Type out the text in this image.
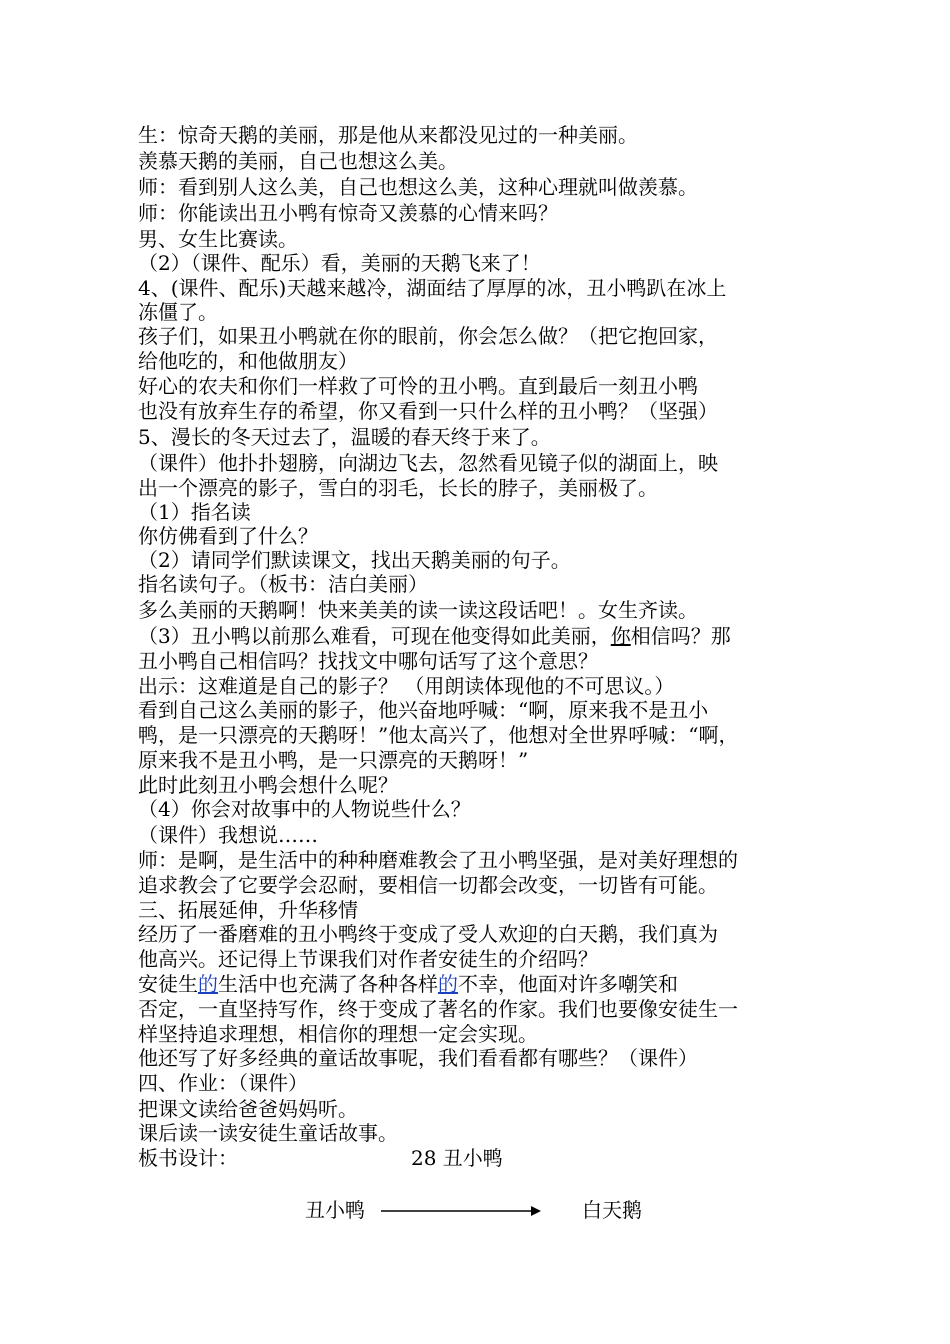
生：惊奇天鹅的美丽，那是他从来都没见过的一种美丽。
羡慕天鹅的美丽，自己也想这么美。
师：看到别人这么美，自己也想这么美，这种心理就叫做羡慕。
师：你能读出丑小鸭有惊奇又羡慕的心情来吗？
男、女生比赛读。
（2）（课件、配乐）看，美丽的天鹅飞来了！
4、(课件、配乐)天越来越冷，湖面结了厚厚的冰，丑小鸭趴在冰上
冻僵了。
孩子们，如果丑小鸭就在你的眼前，你会怎么做？（把它抱回家，
给他吃的，和他做朋友）
好心的农夫和你们一样救了可怜的丑小鸭。直到最后一刻丑小鸭
也没有放弃生存的希望，你又看到一只什么样的丑小鸭？（坚强）
5、漫长的冬天过去了，温暖的春天终于来了。
（课件）他扑扑翅膀，向湖边飞去，忽然看见镜子似的湖面上，映
出一个漂亮的影子，雪白的羽毛，长长的脖子，美丽极了。
（1）指名读
你仿佛看到了什么？
（2）请同学们默读课文，找出天鹅美丽的句子。
指名读句子。（板书：洁白美丽）
多么美丽的天鹅啊！快来美美的读一读这段话吧！。女生齐读。
（3）丑小鸭以前那么难看，可现在他变得如此美丽，你相信吗？那
丑小鸭自己相信吗？找找文中哪句话写了这个意思？
出示：这难道是自己的影子？ （用朗读体现他的不可思议。）
看到自己这么美丽的影子，他兴奋地呼喊：“啊，原来我不是丑小
鸭，是一只漂亮的天鹅呀！”他太高兴了，他想对全世界呼喊：“啊，
原来我不是丑小鸭，是一只漂亮的天鹅呀！”
此时此刻丑小鸭会想什么呢？
（4）你会对故事中的人物说些什么？
（课件）我想说……
师：是啊，是生活中的种种磨难教会了丑小鸭坚强，是对美好理想的
追求教会了它要学会忍耐，要相信一切都会改变，一切皆有可能。
三、拓展延伸，升华移情
经历了一番磨难的丑小鸭终于变成了受人欢迎的白天鹅，我们真为
他高兴。还记得上节课我们对作者安徒生的介绍吗？
安徒生的生活中也充满了各种各样的不幸，他面对许多嘲笑和
否定，一直坚持写作，终于变成了著名的作家。我们也要像安徒生一
样坚持追求理想，相信你的理想一定会实现。
他还写了好多经典的童话故事呢，我们看看都有哪些？（课件）
四、作业：（课件）
把课文读给爸爸妈妈听。
课后读一读安徒生童话故事。
板书设计：	28 丑小鸭
丑小鸭	白天鹅
